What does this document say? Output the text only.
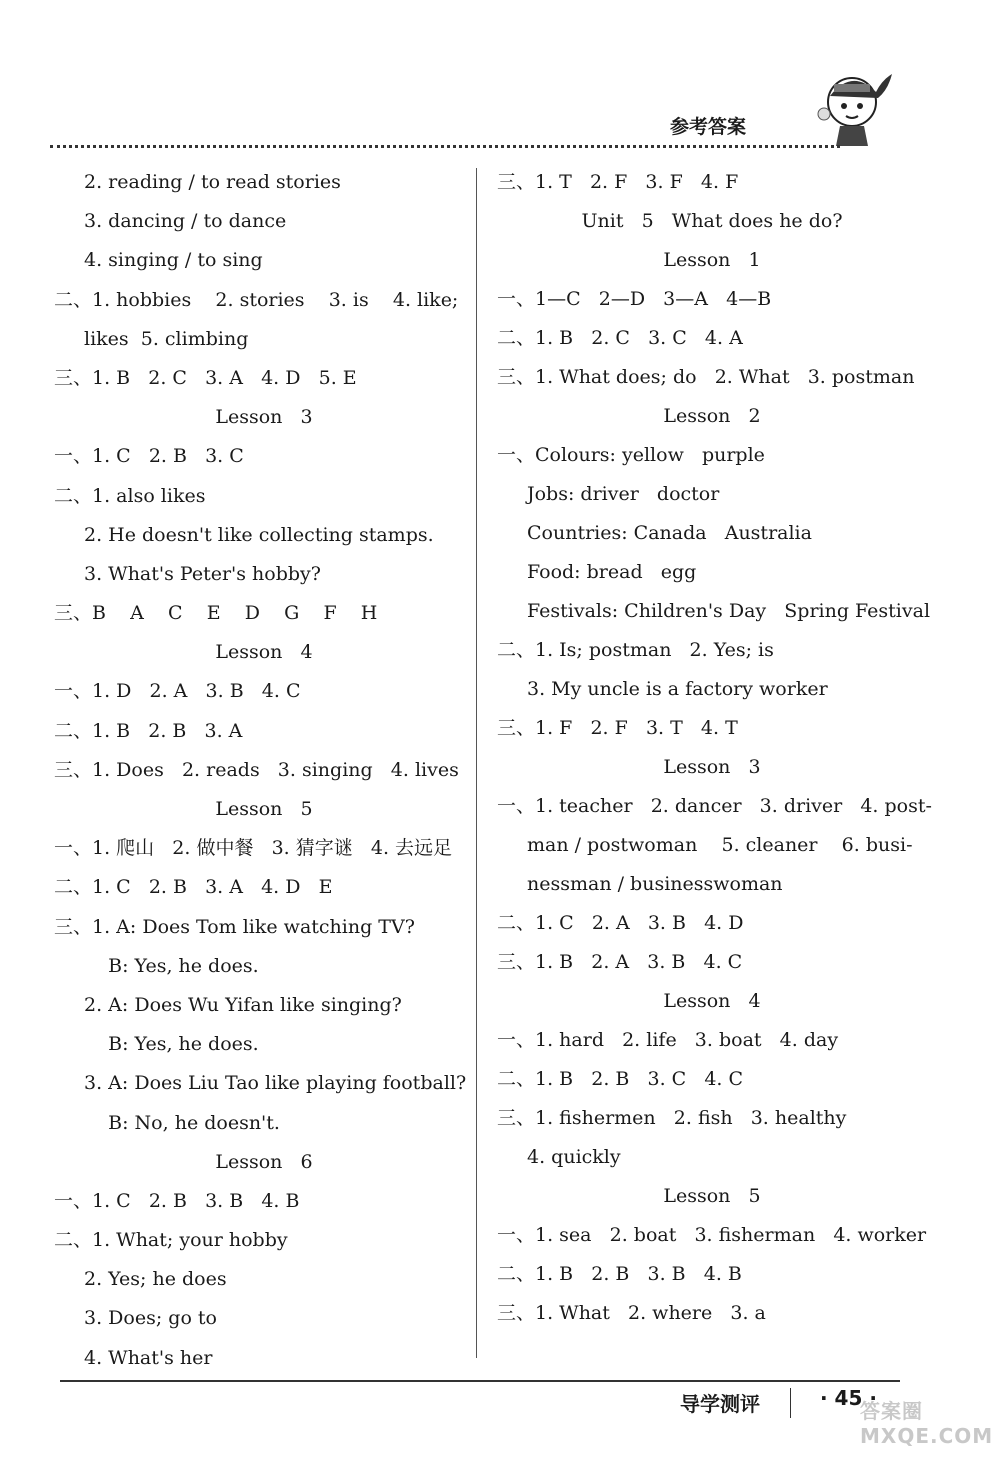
参考答案
2. reading / to read stories
3. dancing / to dance
4. singing / to sing
二、1. hobbies    2. stories    3. is    4. like;
likes  5. climbing
三、1. B   2. C   3. A   4. D   5. E
Lesson   3
一、1. C   2. B   3. C
二、1. also likes
2. He doesn't like collecting stamps.
3. What's Peter's hobby?
三、B    A    C    E    D    G    F    H
Lesson   4
一、1. D   2. A   3. B   4. C
二、1. B   2. B   3. A
三、1. Does   2. reads   3. singing   4. lives
Lesson   5
一、1. 爬山   2. 做中餐   3. 猜字谜   4. 去远足
二、1. C   2. B   3. A   4. D   E
三、1. A: Does Tom like watching TV?
B: Yes, he does.
2. A: Does Wu Yifan like singing?
B: Yes, he does.
3. A: Does Liu Tao like playing football?
B: No, he doesn't.
Lesson   6
一、1. C   2. B   3. B   4. B
二、1. What; your hobby
2. Yes; he does
3. Does; go to
4. What's her
三、1. T   2. F   3. F   4. F
Unit   5   What does he do?
Lesson   1
一、1—C   2—D   3—A   4—B
二、1. B   2. C   3. C   4. A
三、1. What does; do   2. What   3. postman
Lesson   2
一、Colours: yellow   purple
Jobs: driver   doctor
Countries: Canada   Australia
Food: bread   egg
Festivals: Children's Day   Spring Festival
二、1. Is; postman   2. Yes; is
3. My uncle is a factory worker
三、1. F   2. F   3. T   4. T
Lesson   3
一、1. teacher   2. dancer   3. driver   4. post-
man / postwoman    5. cleaner    6. busi-
nessman / businesswoman
二、1. C   2. A   3. B   4. D
三、1. B   2. A   3. B   4. C
Lesson   4
一、1. hard   2. life   3. boat   4. day
二、1. B   2. B   3. C   4. C
三、1. fishermen   2. fish   3. healthy
4. quickly
Lesson   5
一、1. sea   2. boat   3. fisherman   4. worker
二、1. B   2. B   3. B   4. B
三、1. What   2. where   3. a
导学测评	· 45 ·
答案圈 MXQE.COM
